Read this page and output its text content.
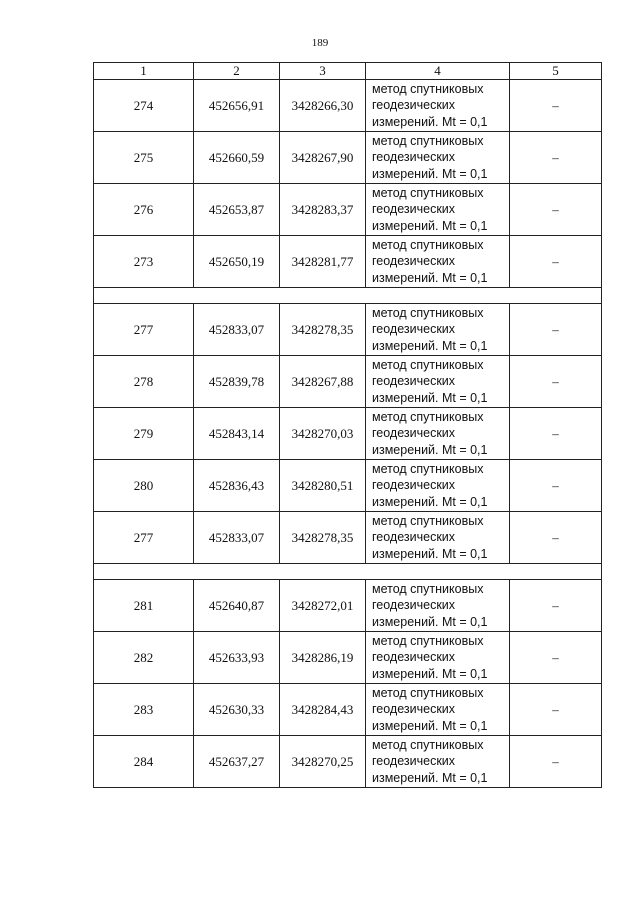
189
1	2	3	4	5
274	452656,91	3428266,30	метод спутниковых
геодезических
измерений. Mt = 0,1	–
275	452660,59	3428267,90	метод спутниковых
геодезических
измерений. Mt = 0,1	–
276	452653,87	3428283,37	метод спутниковых
геодезических
измерений. Mt = 0,1	–
273	452650,19	3428281,77	метод спутниковых
геодезических
измерений. Mt = 0,1	–

277	452833,07	3428278,35	метод спутниковых
геодезических
измерений. Mt = 0,1	–
278	452839,78	3428267,88	метод спутниковых
геодезических
измерений. Mt = 0,1	–
279	452843,14	3428270,03	метод спутниковых
геодезических
измерений. Mt = 0,1	–
280	452836,43	3428280,51	метод спутниковых
геодезических
измерений. Mt = 0,1	–
277	452833,07	3428278,35	метод спутниковых
геодезических
измерений. Mt = 0,1	–

281	452640,87	3428272,01	метод спутниковых
геодезических
измерений. Mt = 0,1	–
282	452633,93	3428286,19	метод спутниковых
геодезических
измерений. Mt = 0,1	–
283	452630,33	3428284,43	метод спутниковых
геодезических
измерений. Mt = 0,1	–
284	452637,27	3428270,25	метод спутниковых
геодезических
измерений. Mt = 0,1	–
